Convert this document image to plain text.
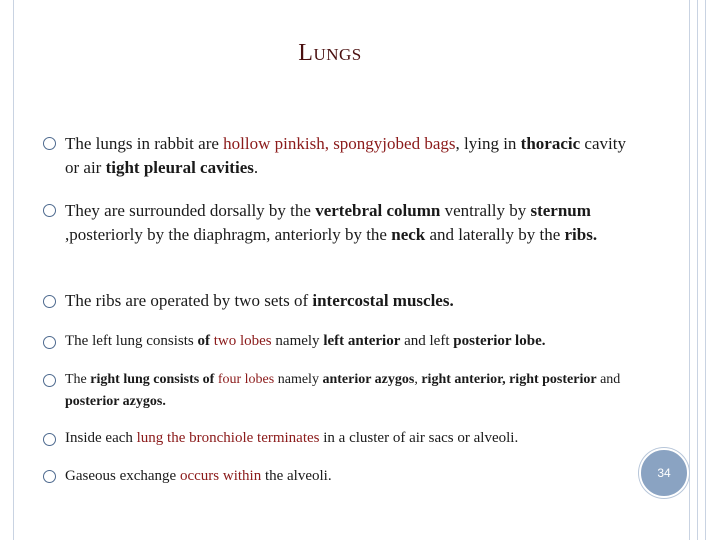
LUNGS
The lungs in rabbit are hollow pinkish, spongyjobed bags, lying in thoracic cavity or air tight pleural cavities.
They are surrounded dorsally by the vertebral column ventrally by sternum ,posteriorly by the diaphragm, anteriorly by the neck and laterally by the ribs.
The ribs are operated by two sets of intercostal muscles.
The left lung consists of two lobes namely left anterior and left posterior lobe.
The right lung consists of four lobes namely anterior azygos, right anterior, right posterior and posterior azygos.
Inside each lung the bronchiole terminates in a cluster of air sacs or alveoli.
Gaseous exchange occurs within the alveoli.	34
